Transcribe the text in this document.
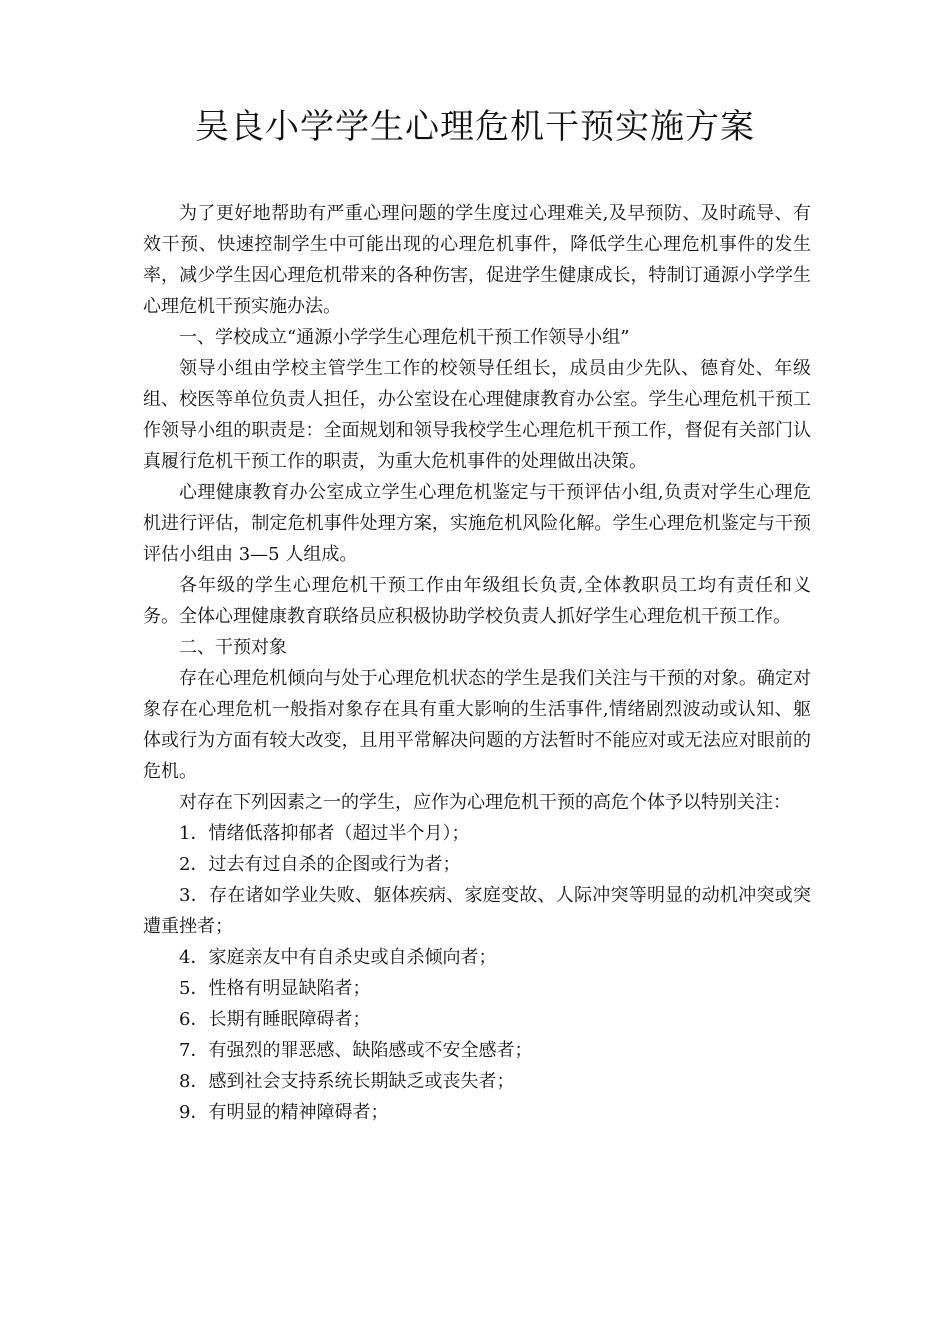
吴良小学学生心理危机干预实施方案

为了更好地帮助有严重心理问题的学生度过心理难关,及早预防、及时疏导、有效干预、快速控制学生中可能出现的心理危机事件，降低学生心理危机事件的发生率，减少学生因心理危机带来的各种伤害，促进学生健康成长，特制订通源小学学生心理危机干预实施办法。

一、学校成立“通源小学学生心理危机干预工作领导小组”

领导小组由学校主管学生工作的校领导任组长，成员由少先队、德育处、年级组、校医等单位负责人担任，办公室设在心理健康教育办公室。学生心理危机干预工作领导小组的职责是：全面规划和领导我校学生心理危机干预工作，督促有关部门认真履行危机干预工作的职责，为重大危机事件的处理做出决策。

心理健康教育办公室成立学生心理危机鉴定与干预评估小组,负责对学生心理危机进行评估，制定危机事件处理方案，实施危机风险化解。学生心理危机鉴定与干预评估小组由 3—5 人组成。

各年级的学生心理危机干预工作由年级组长负责,全体教职员工均有责任和义务。全体心理健康教育联络员应积极协助学校负责人抓好学生心理危机干预工作。

二、干预对象

存在心理危机倾向与处于心理危机状态的学生是我们关注与干预的对象。确定对象存在心理危机一般指对象存在具有重大影响的生活事件,情绪剧烈波动或认知、躯体或行为方面有较大改变，且用平常解决问题的方法暂时不能应对或无法应对眼前的危机。

对存在下列因素之一的学生，应作为心理危机干预的高危个体予以特别关注：

1．情绪低落抑郁者（超过半个月）；

2．过去有过自杀的企图或行为者；

3．存在诸如学业失败、躯体疾病、家庭变故、人际冲突等明显的动机冲突或突遭重挫者；

4．家庭亲友中有自杀史或自杀倾向者；

5．性格有明显缺陷者；

6．长期有睡眠障碍者；

7．有强烈的罪恶感、缺陷感或不安全感者；

8．感到社会支持系统长期缺乏或丧失者；

9．有明显的精神障碍者；
